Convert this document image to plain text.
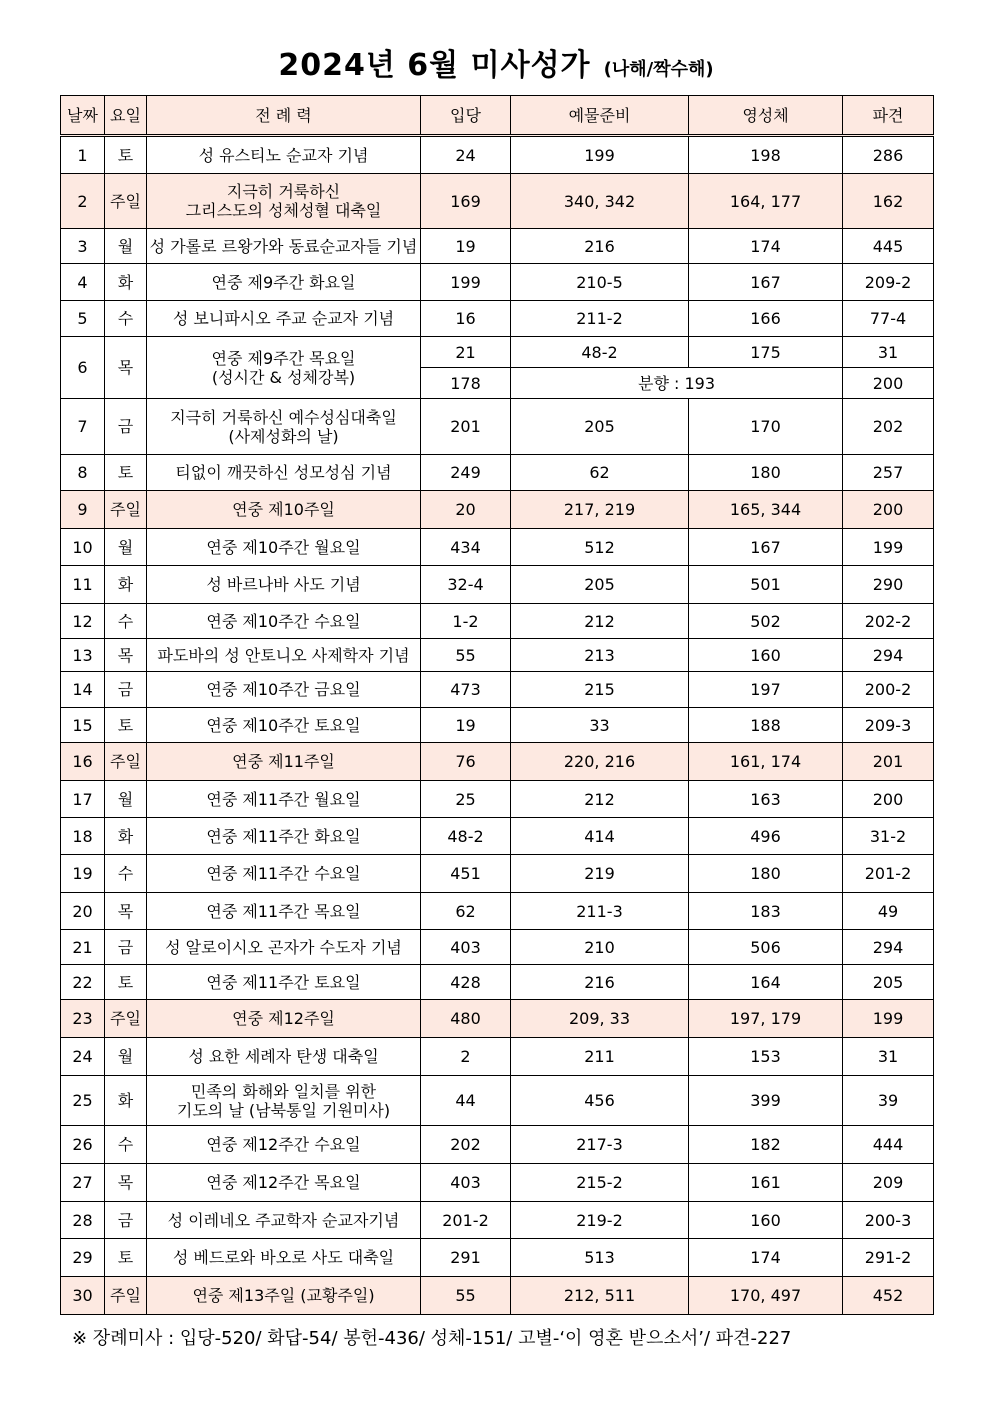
2024년 6월 미사성가 (나해/짝수해)
날짜	요일	전 례 력	입당	예물준비	영성체	파견
1	토	성 유스티노 순교자 기념	24	199	198	286
2	주일	지극히 거룩하신
그리스도의 성체성혈 대축일	169	340, 342	164, 177	162
3	월	성 가롤로 르왕가와 동료순교자들 기념	19	216	174	445
4	화	연중 제9주간 화요일	199	210-5	167	209-2
5	수	성 보니파시오 주교 순교자 기념	16	211-2	166	77-4
6	목	연중 제9주간 목요일
(성시간 & 성체강복)	21	48-2	175	31
			178	분향 : 193		200
7	금	지극히 거룩하신 예수성심대축일
(사제성화의 날)	201	205	170	202
8	토	티없이 깨끗하신 성모성심 기념	249	62	180	257
9	주일	연중 제10주일	20	217, 219	165, 344	200
10	월	연중 제10주간 월요일	434	512	167	199
11	화	성 바르나바 사도 기념	32-4	205	501	290
12	수	연중 제10주간 수요일	1-2	212	502	202-2
13	목	파도바의 성 안토니오 사제학자 기념	55	213	160	294
14	금	연중 제10주간 금요일	473	215	197	200-2
15	토	연중 제10주간 토요일	19	33	188	209-3
16	주일	연중 제11주일	76	220, 216	161, 174	201
17	월	연중 제11주간 월요일	25	212	163	200
18	화	연중 제11주간 화요일	48-2	414	496	31-2
19	수	연중 제11주간 수요일	451	219	180	201-2
20	목	연중 제11주간 목요일	62	211-3	183	49
21	금	성 알로이시오 곤자가 수도자 기념	403	210	506	294
22	토	연중 제11주간 토요일	428	216	164	205
23	주일	연중 제12주일	480	209, 33	197, 179	199
24	월	성 요한 세례자 탄생 대축일	2	211	153	31
25	화	민족의 화해와 일치를 위한
기도의 날 (남북통일 기원미사)	44	456	399	39
26	수	연중 제12주간 수요일	202	217-3	182	444
27	목	연중 제12주간 목요일	403	215-2	161	209
28	금	성 이레네오 주교학자 순교자기념	201-2	219-2	160	200-3
29	토	성 베드로와 바오로 사도 대축일	291	513	174	291-2
30	주일	연중 제13주일 (교황주일)	55	212, 511	170, 497	452
※ 장례미사 : 입당-520/ 화답-54/ 봉헌-436/ 성체-151/ 고별-‘이 영혼 받으소서’/ 파견-227
